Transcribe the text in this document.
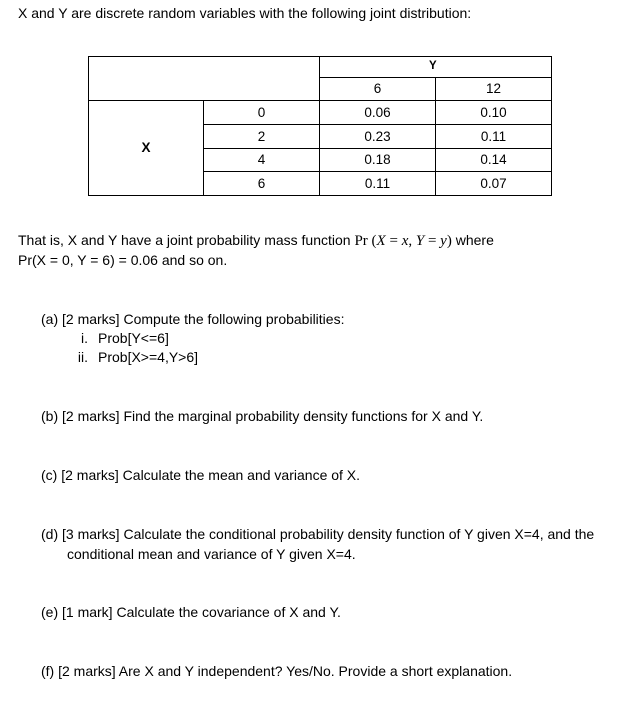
X and Y are discrete random variables with the following joint distribution:

		Y	

		6	12
X	0	0.06	0.10
	2	0.23	0.11
	4	0.18	0.14
	6	0.11	0.07
That is, X and Y have a joint probability mass function Pr (X = x, Y = y) where
Pr(X = 0, Y = 6) = 0.06 and so on.
(a) [2 marks] Compute the following probabilities:
i. Prob[Y<=6]
ii. Prob[X>=4,Y>6]
(b) [2 marks] Find the marginal probability density functions for X and Y.
(c) [2 marks] Calculate the mean and variance of X.
(d) [3 marks] Calculate the conditional probability density function of Y given X=4, and the
conditional mean and variance of Y given X=4.
(e) [1 mark] Calculate the covariance of X and Y.
(f) [2 marks] Are X and Y independent? Yes/No. Provide a short explanation.
